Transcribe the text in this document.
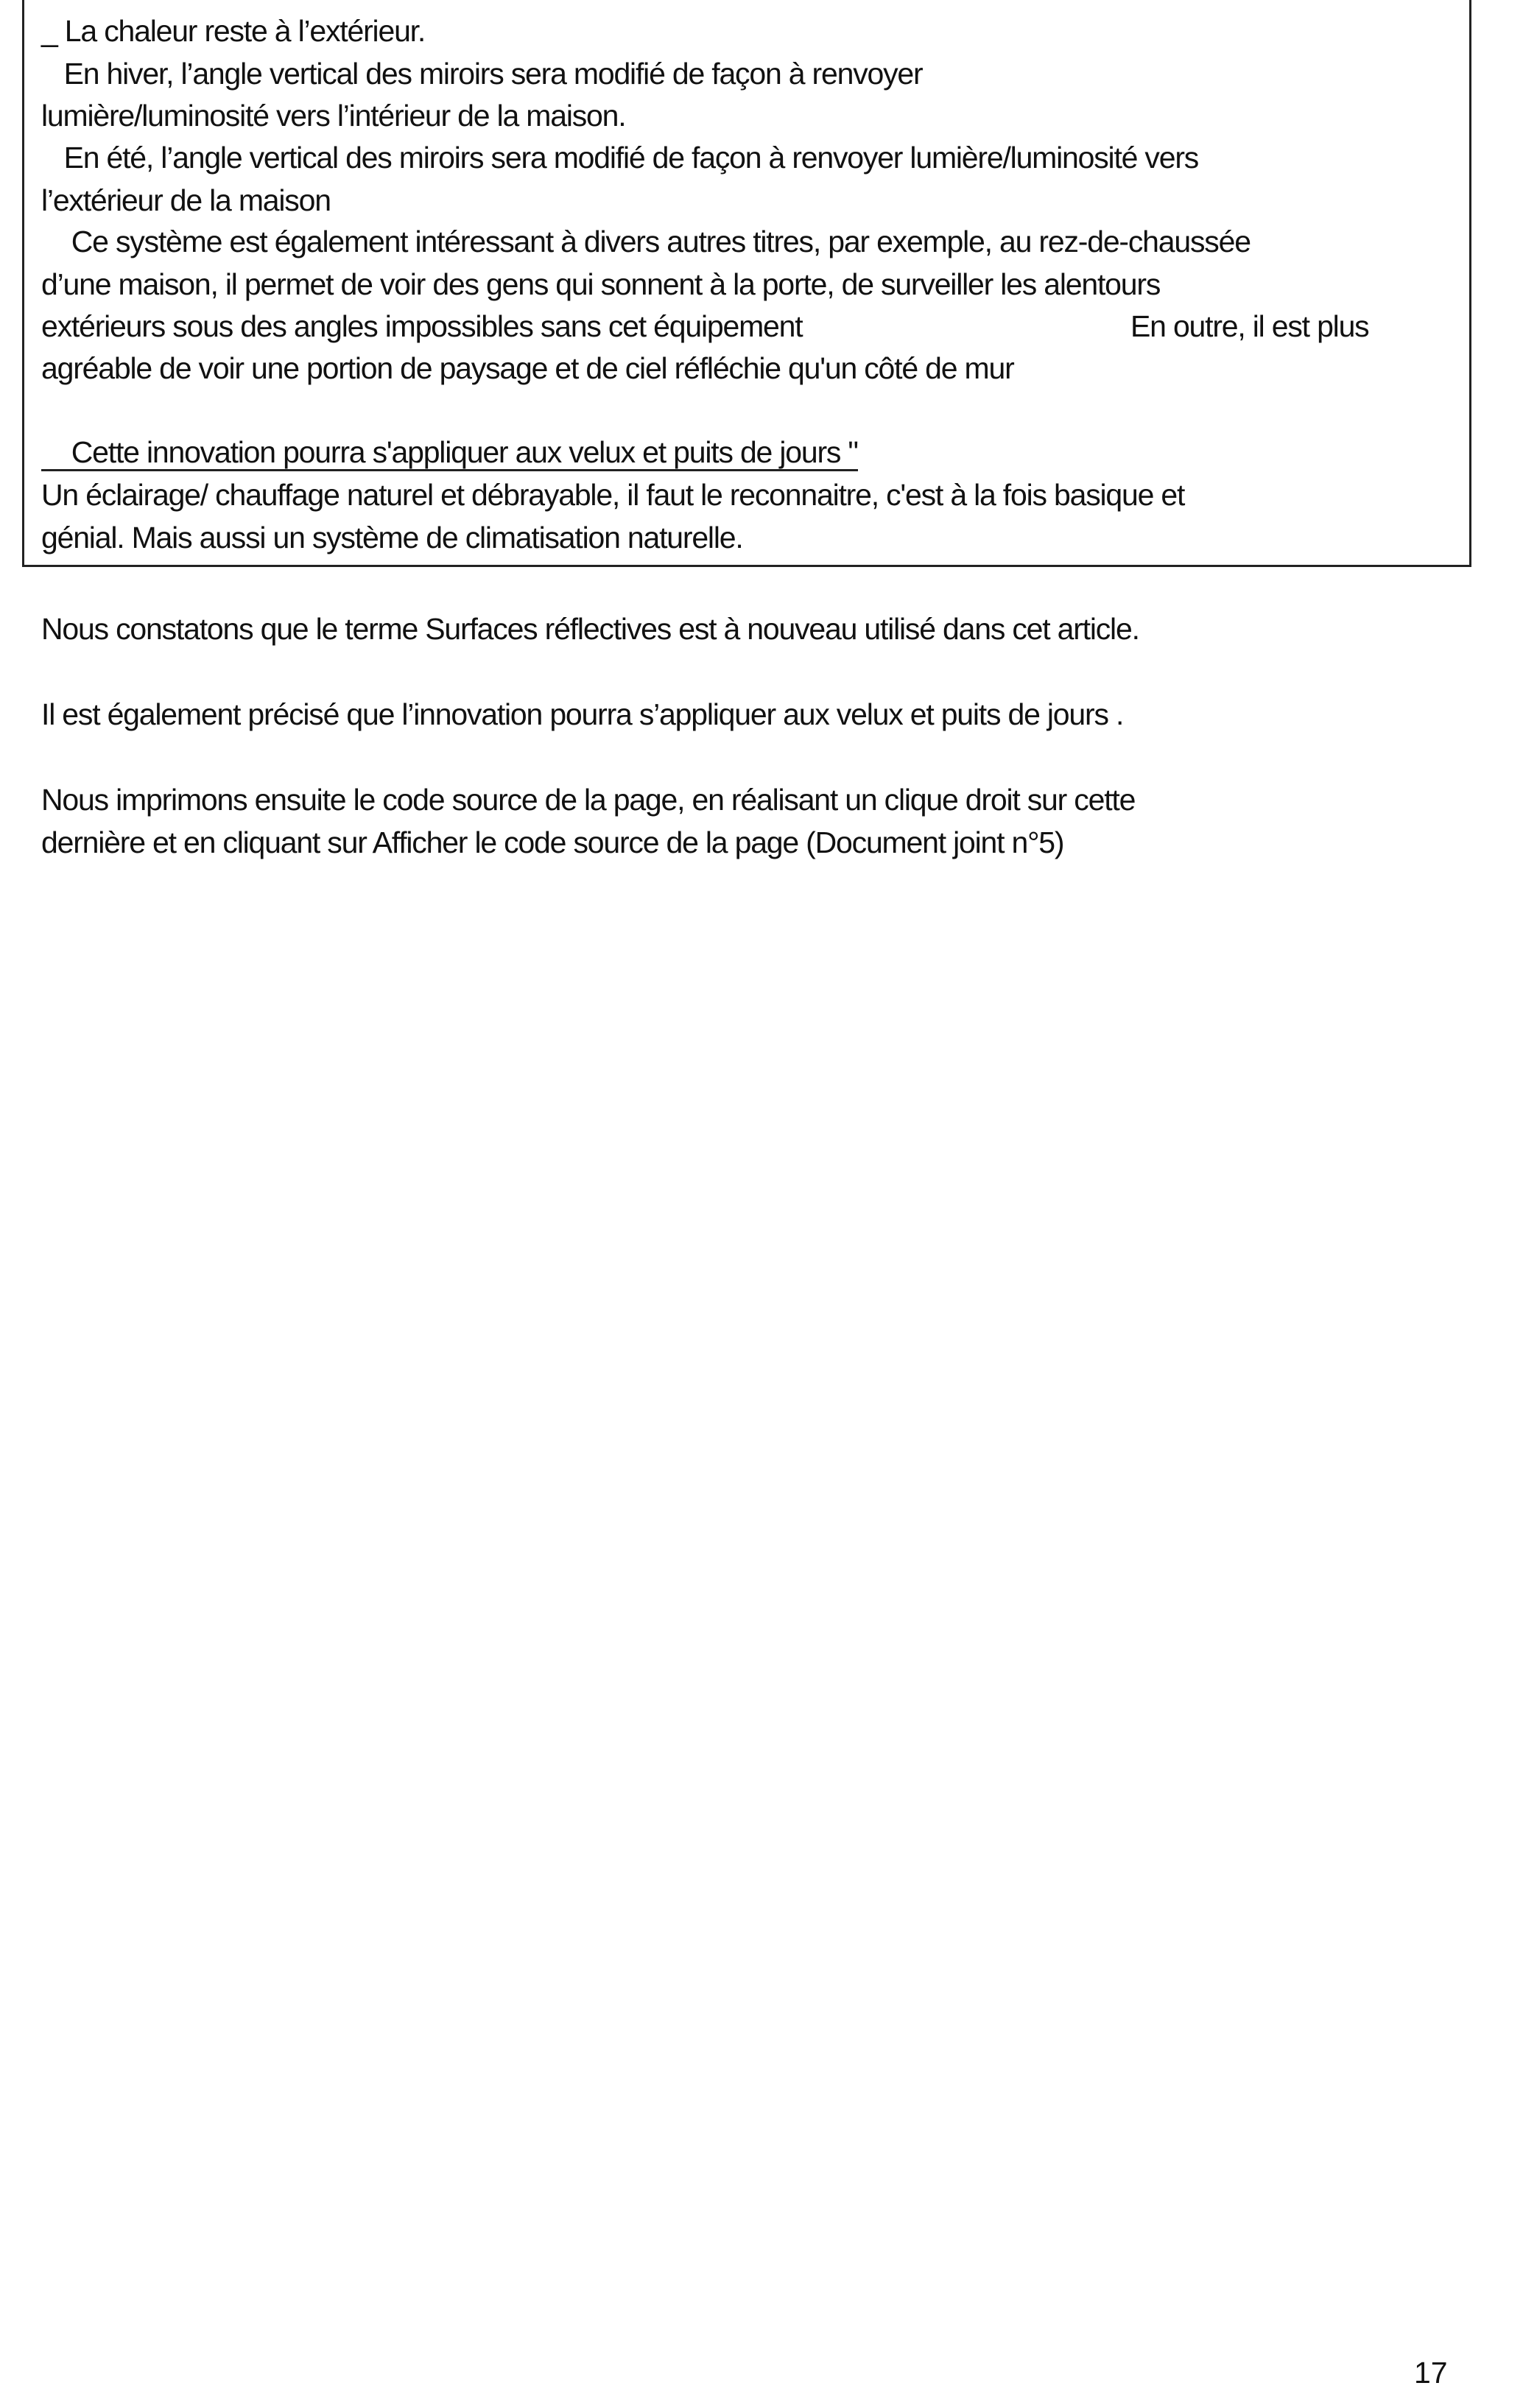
_ La chaleur reste à l’extérieur.
En hiver, l’angle vertical des miroirs sera modifié de façon à renvoyer
lumière/luminosité vers l’intérieur de la maison.
En été, l’angle vertical des miroirs sera modifié de façon à renvoyer lumière/luminosité vers
l’extérieur de la maison
Ce système est également intéressant à divers autres titres, par exemple, au rez-de-chaussée
d’une maison, il permet de voir des gens qui sonnent à la porte, de surveiller les alentours
extérieurs sous des angles impossibles sans cet équipement	En outre, il est plus
agréable de voir une portion de paysage et de ciel réfléchie qu'un côté de mur
Cette innovation pourra s'appliquer aux velux et puits de jours "
Un éclairage/ chauffage naturel et débrayable, il faut le reconnaitre, c'est à la fois basique et
génial. Mais aussi un système de climatisation naturelle.
Nous constatons que le terme Surfaces réflectives est à nouveau utilisé dans cet article.
Il est également précisé que l’innovation pourra s’appliquer aux velux et puits de jours .
Nous imprimons ensuite le code source de la page, en réalisant un clique droit sur cette
dernière et en cliquant sur Afficher le code source de la page (Document joint n°5)
17
